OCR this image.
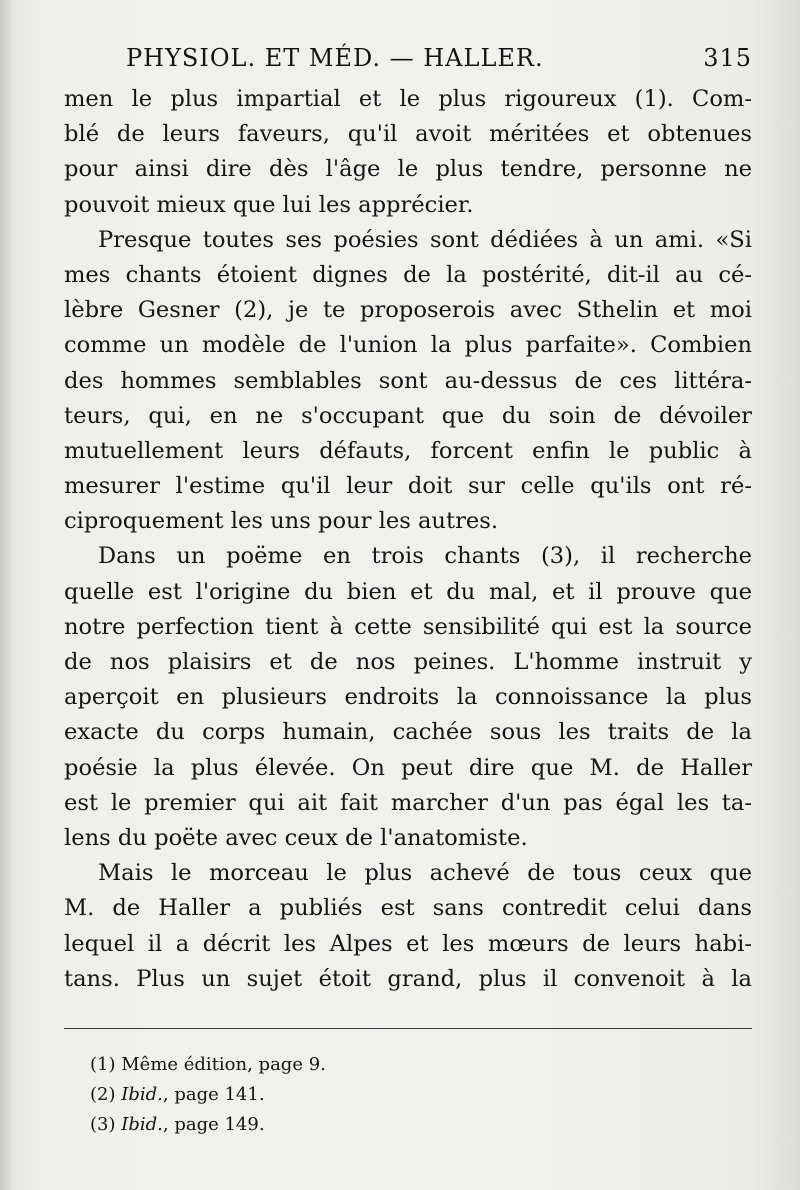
PHYSIOL. ET MÉD. — HALLER.	315
men le plus impartial et le plus rigoureux (1). Com-
blé de leurs faveurs, qu'il avoit méritées et obtenues
pour ainsi dire dès l'âge le plus tendre, personne ne
pouvoit mieux que lui les apprécier.
Presque toutes ses poésies sont dédiées à un ami. «Si
mes chants étoient dignes de la postérité, dit-il au cé-
lèbre Gesner (2), je te proposerois avec Sthelin et moi
comme un modèle de l'union la plus parfaite». Combien
des hommes semblables sont au-dessus de ces littéra-
teurs, qui, en ne s'occupant que du soin de dévoiler
mutuellement leurs défauts, forcent enfin le public à
mesurer l'estime qu'il leur doit sur celle qu'ils ont ré-
ciproquement les uns pour les autres.
Dans un poëme en trois chants (3), il recherche
quelle est l'origine du bien et du mal, et il prouve que
notre perfection tient à cette sensibilité qui est la source
de nos plaisirs et de nos peines. L'homme instruit y
aperçoit en plusieurs endroits la connoissance la plus
exacte du corps humain, cachée sous les traits de la
poésie la plus élevée. On peut dire que M. de Haller
est le premier qui ait fait marcher d'un pas égal les ta-
lens du poëte avec ceux de l'anatomiste.
Mais le morceau le plus achevé de tous ceux que
M. de Haller a publiés est sans contredit celui dans
lequel il a décrit les Alpes et les mœurs de leurs habi-
tans. Plus un sujet étoit grand, plus il convenoit à la
(1) Même édition, page 9.
(2) Ibid., page 141.
(3) Ibid., page 149.
